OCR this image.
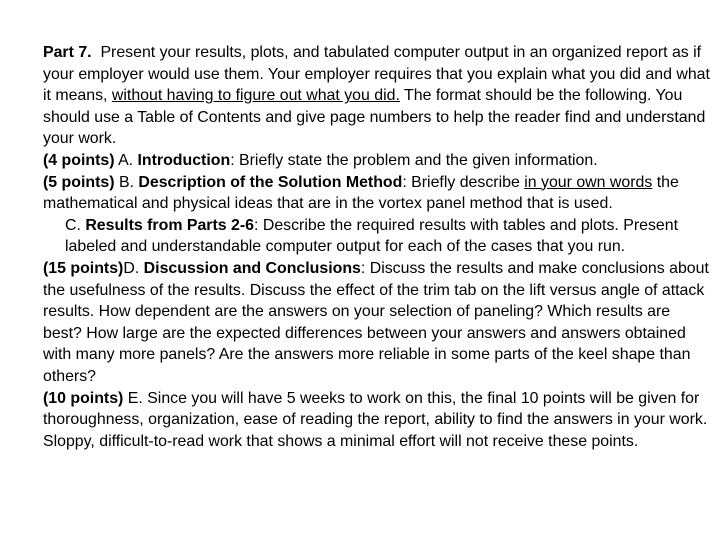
Part 7. Present your results, plots, and tabulated computer output in an organized report as if your employer would use them. Your employer requires that you explain what you did and what it means, without having to figure out what you did. The format should be the following. You should use a Table of Contents and give page numbers to help the reader find and understand your work.

(4 points) A. Introduction: Briefly state the problem and the given information.

(5 points) B. Description of the Solution Method: Briefly describe in your own words the mathematical and physical ideas that are in the vortex panel method that is used.

C. Results from Parts 2-6: Describe the required results with tables and plots. Present labeled and understandable computer output for each of the cases that you run.

(15 points)D. Discussion and Conclusions: Discuss the results and make conclusions about the usefulness of the results. Discuss the effect of the trim tab on the lift versus angle of attack results. How dependent are the answers on your selection of paneling? Which results are best? How large are the expected differences between your answers and answers obtained with many more panels? Are the answers more reliable in some parts of the keel shape than others?

(10 points) E. Since you will have 5 weeks to work on this, the final 10 points will be given for thoroughness, organization, ease of reading the report, ability to find the answers in your work. Sloppy, difficult-to-read work that shows a minimal effort will not receive these points.
